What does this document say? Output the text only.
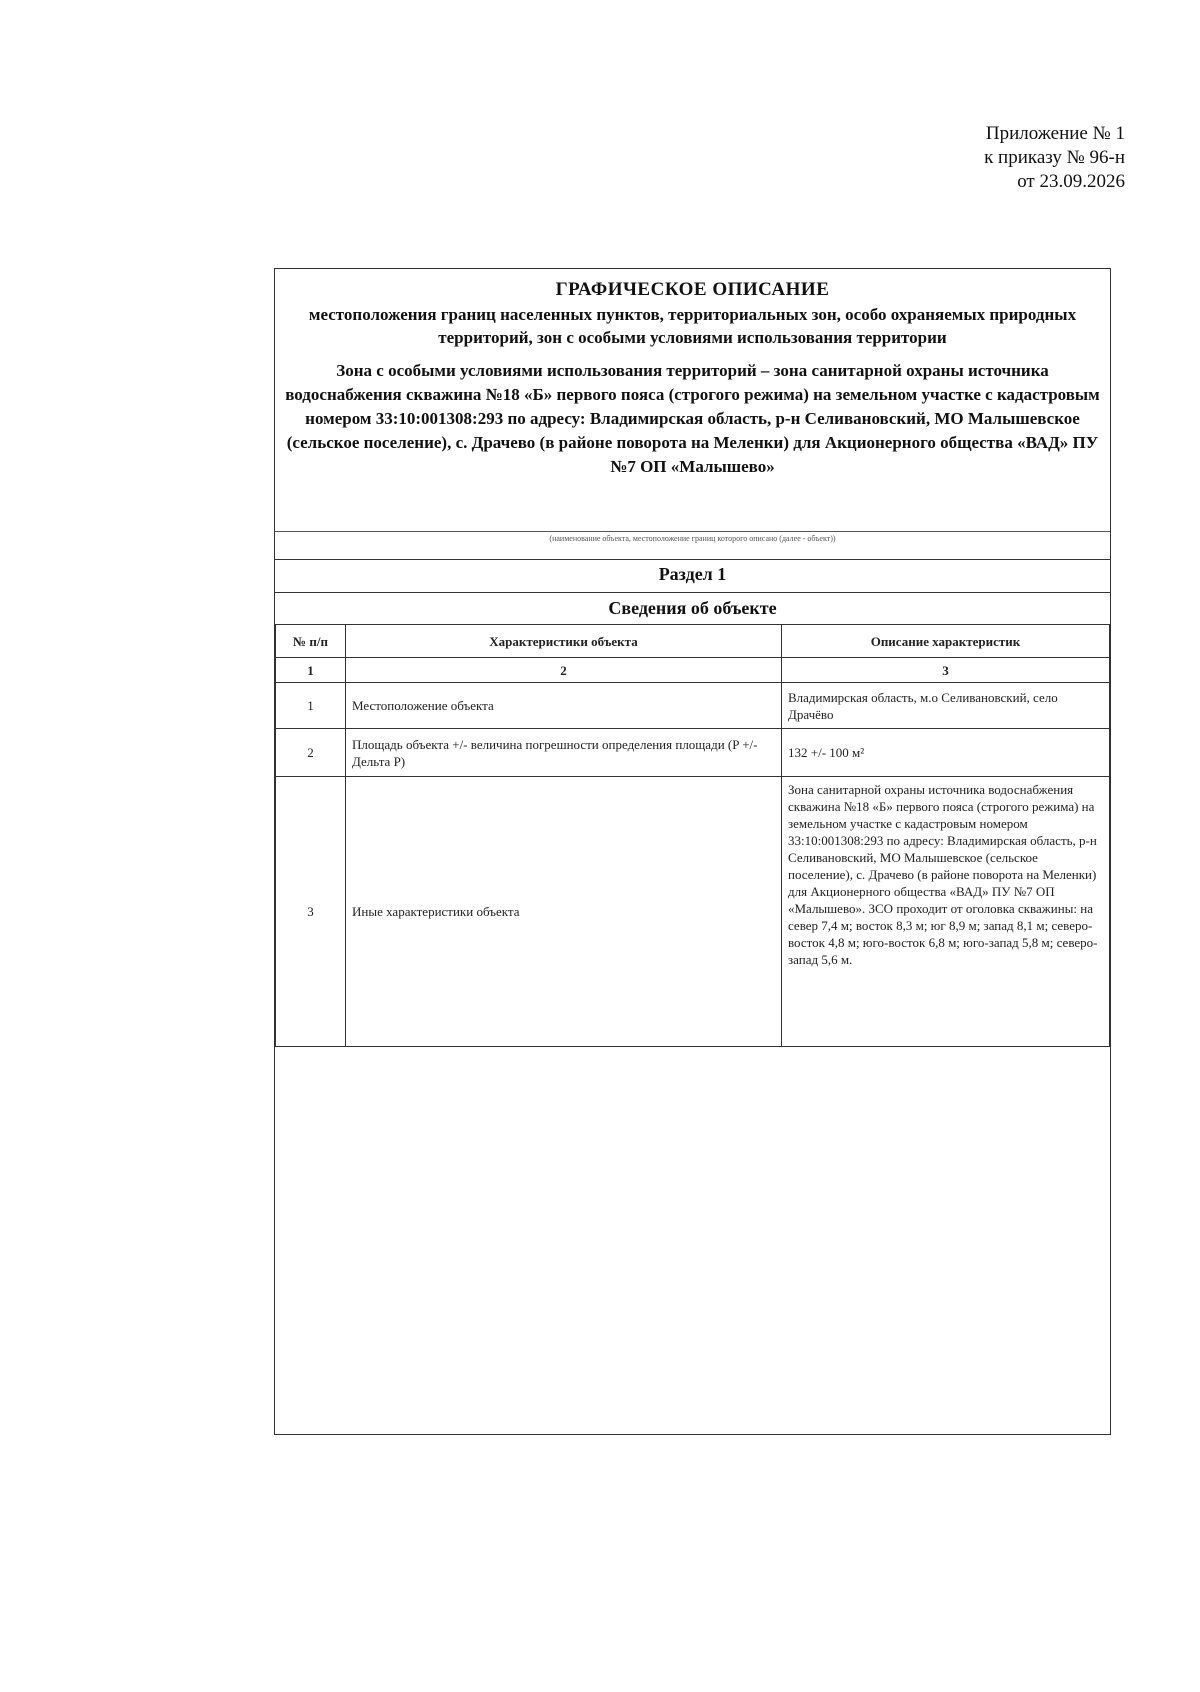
Приложение № 1
к приказу № 96-н
от 23.09.2026
ГРАФИЧЕСКОЕ ОПИСАНИЕ
местоположения границ населенных пунктов, территориальных зон, особо охраняемых природных территорий, зон с особыми условиями использования территории
Зона с особыми условиями использования территорий – зона санитарной охраны источника водоснабжения скважина №18 «Б» первого пояса (строгого режима) на земельном участке с кадастровым номером 33:10:001308:293 по адресу: Владимирская область, р-н Селивановский, МО Малышевское (сельское поселение), с. Драчево (в районе поворота на Меленки) для Акционерного общества «ВАД» ПУ №7 ОП «Малышево»
(наименование объекта, местоположение границ которого описано (далее - объект))
Раздел 1
Сведения об объекте
№ п/п	Характеристики объекта	Описание характеристик
1	2	3
1	Местоположение объекта	Владимирская область, м.о Селивановский, село Драчёво
2	Площадь объекта +/- величина погрешности определения площади (P +/- Дельта P)	132 +/- 100 м²
3	Иные характеристики объекта	Зона санитарной охраны источника водоснабжения скважина №18 «Б» первого пояса (строгого режима) на земельном участке с кадастровым номером 33:10:001308:293 по адресу: Владимирская область, р-н Селивановский, МО Малышевское (сельское поселение), с. Драчево (в районе поворота на Меленки) для Акционерного общества «ВАД» ПУ №7 ОП «Малышево». ЗСО проходит от оголовка скважины: на север 7,4 м; восток 8,3 м; юг 8,9 м; запад 8,1 м; северо-восток 4,8 м; юго-восток 6,8 м; юго-запад 5,8 м; северо-запад 5,6 м.
